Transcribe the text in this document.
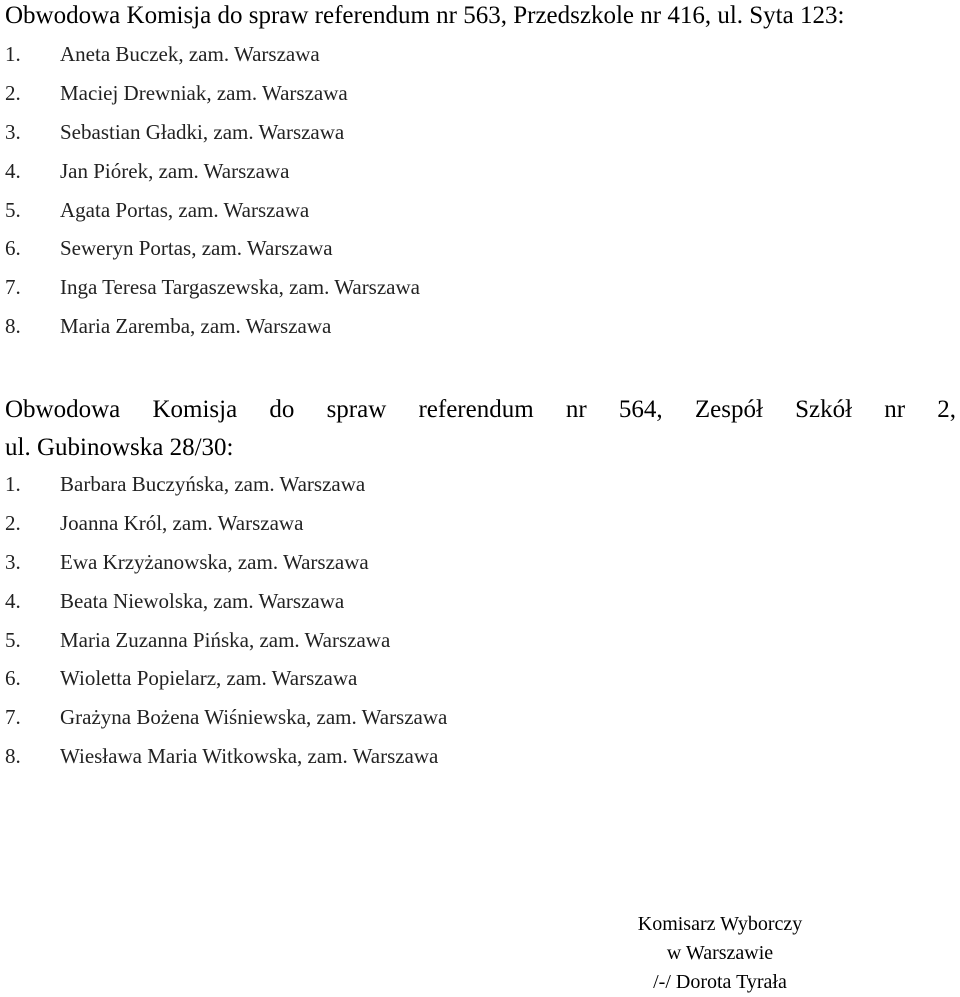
Obwodowa Komisja do spraw referendum nr 563, Przedszkole nr 416, ul. Syta 123:
1. Aneta Buczek, zam. Warszawa
2. Maciej Drewniak, zam. Warszawa
3. Sebastian Gładki, zam. Warszawa
4. Jan Piórek, zam. Warszawa
5. Agata Portas, zam. Warszawa
6. Seweryn Portas, zam. Warszawa
7. Inga Teresa Targaszewska, zam. Warszawa
8. Maria Zaremba, zam. Warszawa
Obwodowa Komisja do spraw referendum nr 564, Zespół Szkół nr 2,
ul. Gubinowska 28/30:
1. Barbara Buczyńska, zam. Warszawa
2. Joanna Król, zam. Warszawa
3. Ewa Krzyżanowska, zam. Warszawa
4. Beata Niewolska, zam. Warszawa
5. Maria Zuzanna Pińska, zam. Warszawa
6. Wioletta Popielarz, zam. Warszawa
7. Grażyna Bożena Wiśniewska, zam. Warszawa
8. Wiesława Maria Witkowska, zam. Warszawa
Komisarz Wyborczy
w Warszawie
/-/ Dorota Tyrała
